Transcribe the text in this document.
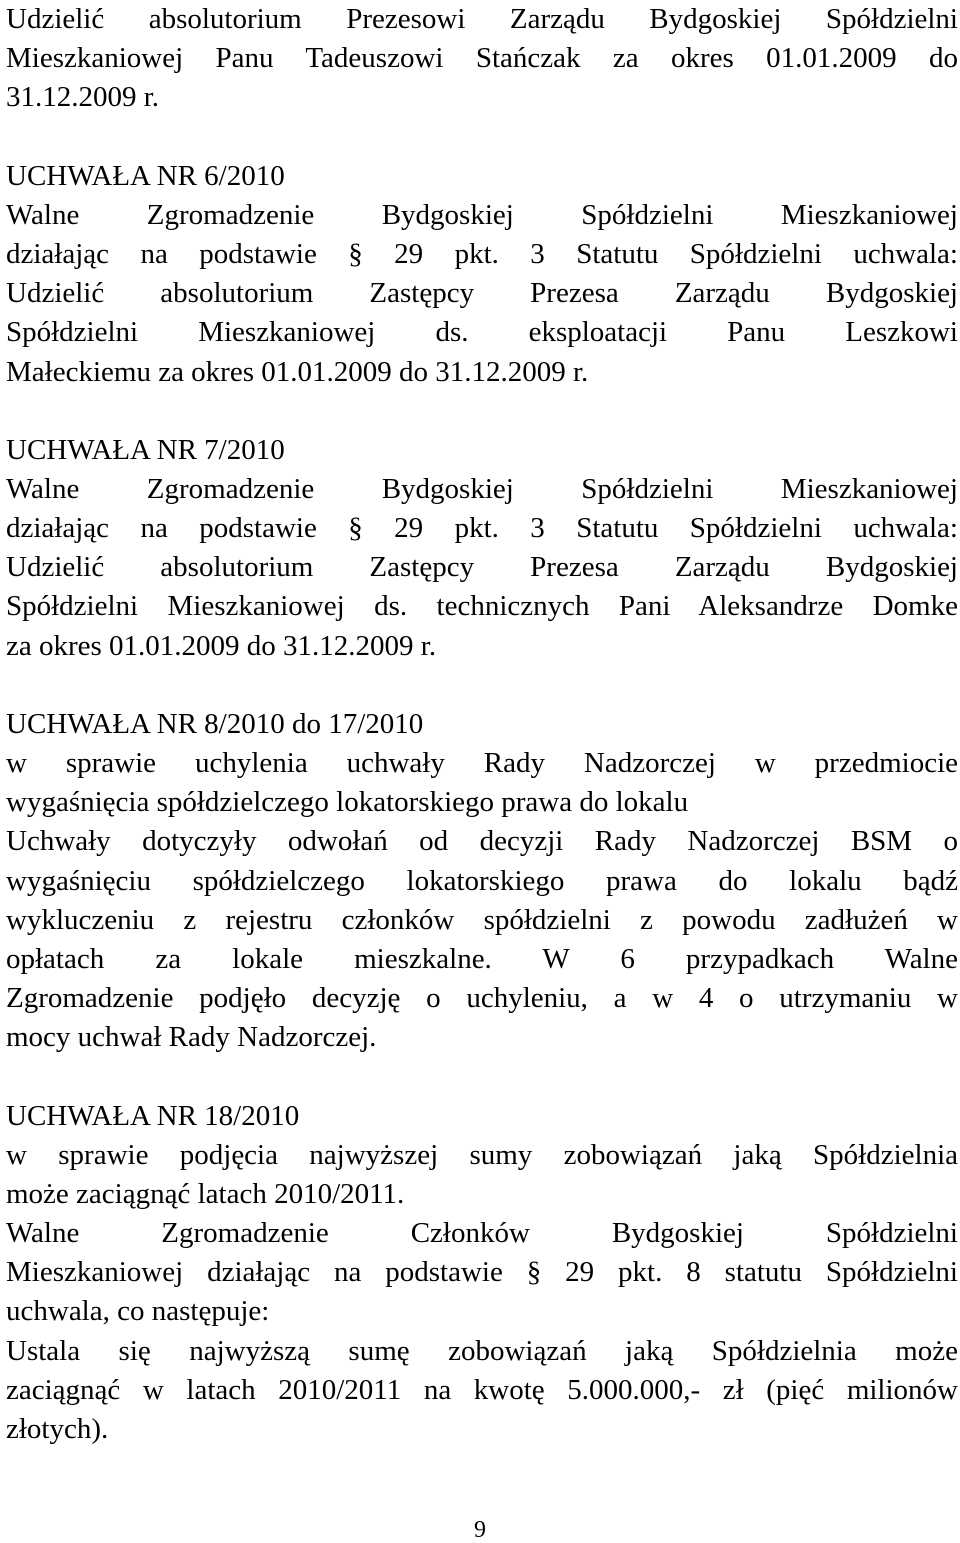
Udzielić absolutorium Prezesowi Zarządu Bydgoskiej Spółdzielni
Mieszkaniowej Panu Tadeuszowi Stańczak za okres 01.01.2009 do
31.12.2009 r.
UCHWAŁA NR 6/2010
Walne Zgromadzenie Bydgoskiej Spółdzielni Mieszkaniowej
działając na podstawie § 29 pkt. 3 Statutu Spółdzielni uchwala:
Udzielić absolutorium Zastępcy Prezesa Zarządu Bydgoskiej
Spółdzielni Mieszkaniowej ds. eksploatacji Panu Leszkowi
Małeckiemu za okres 01.01.2009 do 31.12.2009 r.
UCHWAŁA NR 7/2010
Walne Zgromadzenie Bydgoskiej Spółdzielni Mieszkaniowej
działając na podstawie § 29 pkt. 3 Statutu Spółdzielni uchwala:
Udzielić absolutorium Zastępcy Prezesa Zarządu Bydgoskiej
Spółdzielni Mieszkaniowej ds. technicznych Pani Aleksandrze Domke
za okres 01.01.2009 do 31.12.2009 r.
UCHWAŁA NR 8/2010 do 17/2010
w sprawie uchylenia uchwały Rady Nadzorczej w przedmiocie
wygaśnięcia spółdzielczego lokatorskiego prawa do lokalu
Uchwały dotyczyły odwołań od decyzji Rady Nadzorczej BSM o
wygaśnięciu spółdzielczego lokatorskiego prawa do lokalu bądź
wykluczeniu z rejestru członków spółdzielni z powodu zadłużeń w
opłatach za lokale mieszkalne. W 6 przypadkach Walne
Zgromadzenie podjęło decyzję o uchyleniu, a w 4 o utrzymaniu w
mocy uchwał Rady Nadzorczej.
UCHWAŁA NR 18/2010
w sprawie podjęcia najwyższej sumy zobowiązań jaką Spółdzielnia
może zaciągnąć latach 2010/2011.
Walne Zgromadzenie Członków Bydgoskiej Spółdzielni
Mieszkaniowej działając na podstawie § 29 pkt. 8 statutu Spółdzielni
uchwala, co następuje:
Ustala się najwyższą sumę zobowiązań jaką Spółdzielnia może
zaciągnąć w latach 2010/2011 na kwotę 5.000.000,- zł (pięć milionów
złotych).
9
